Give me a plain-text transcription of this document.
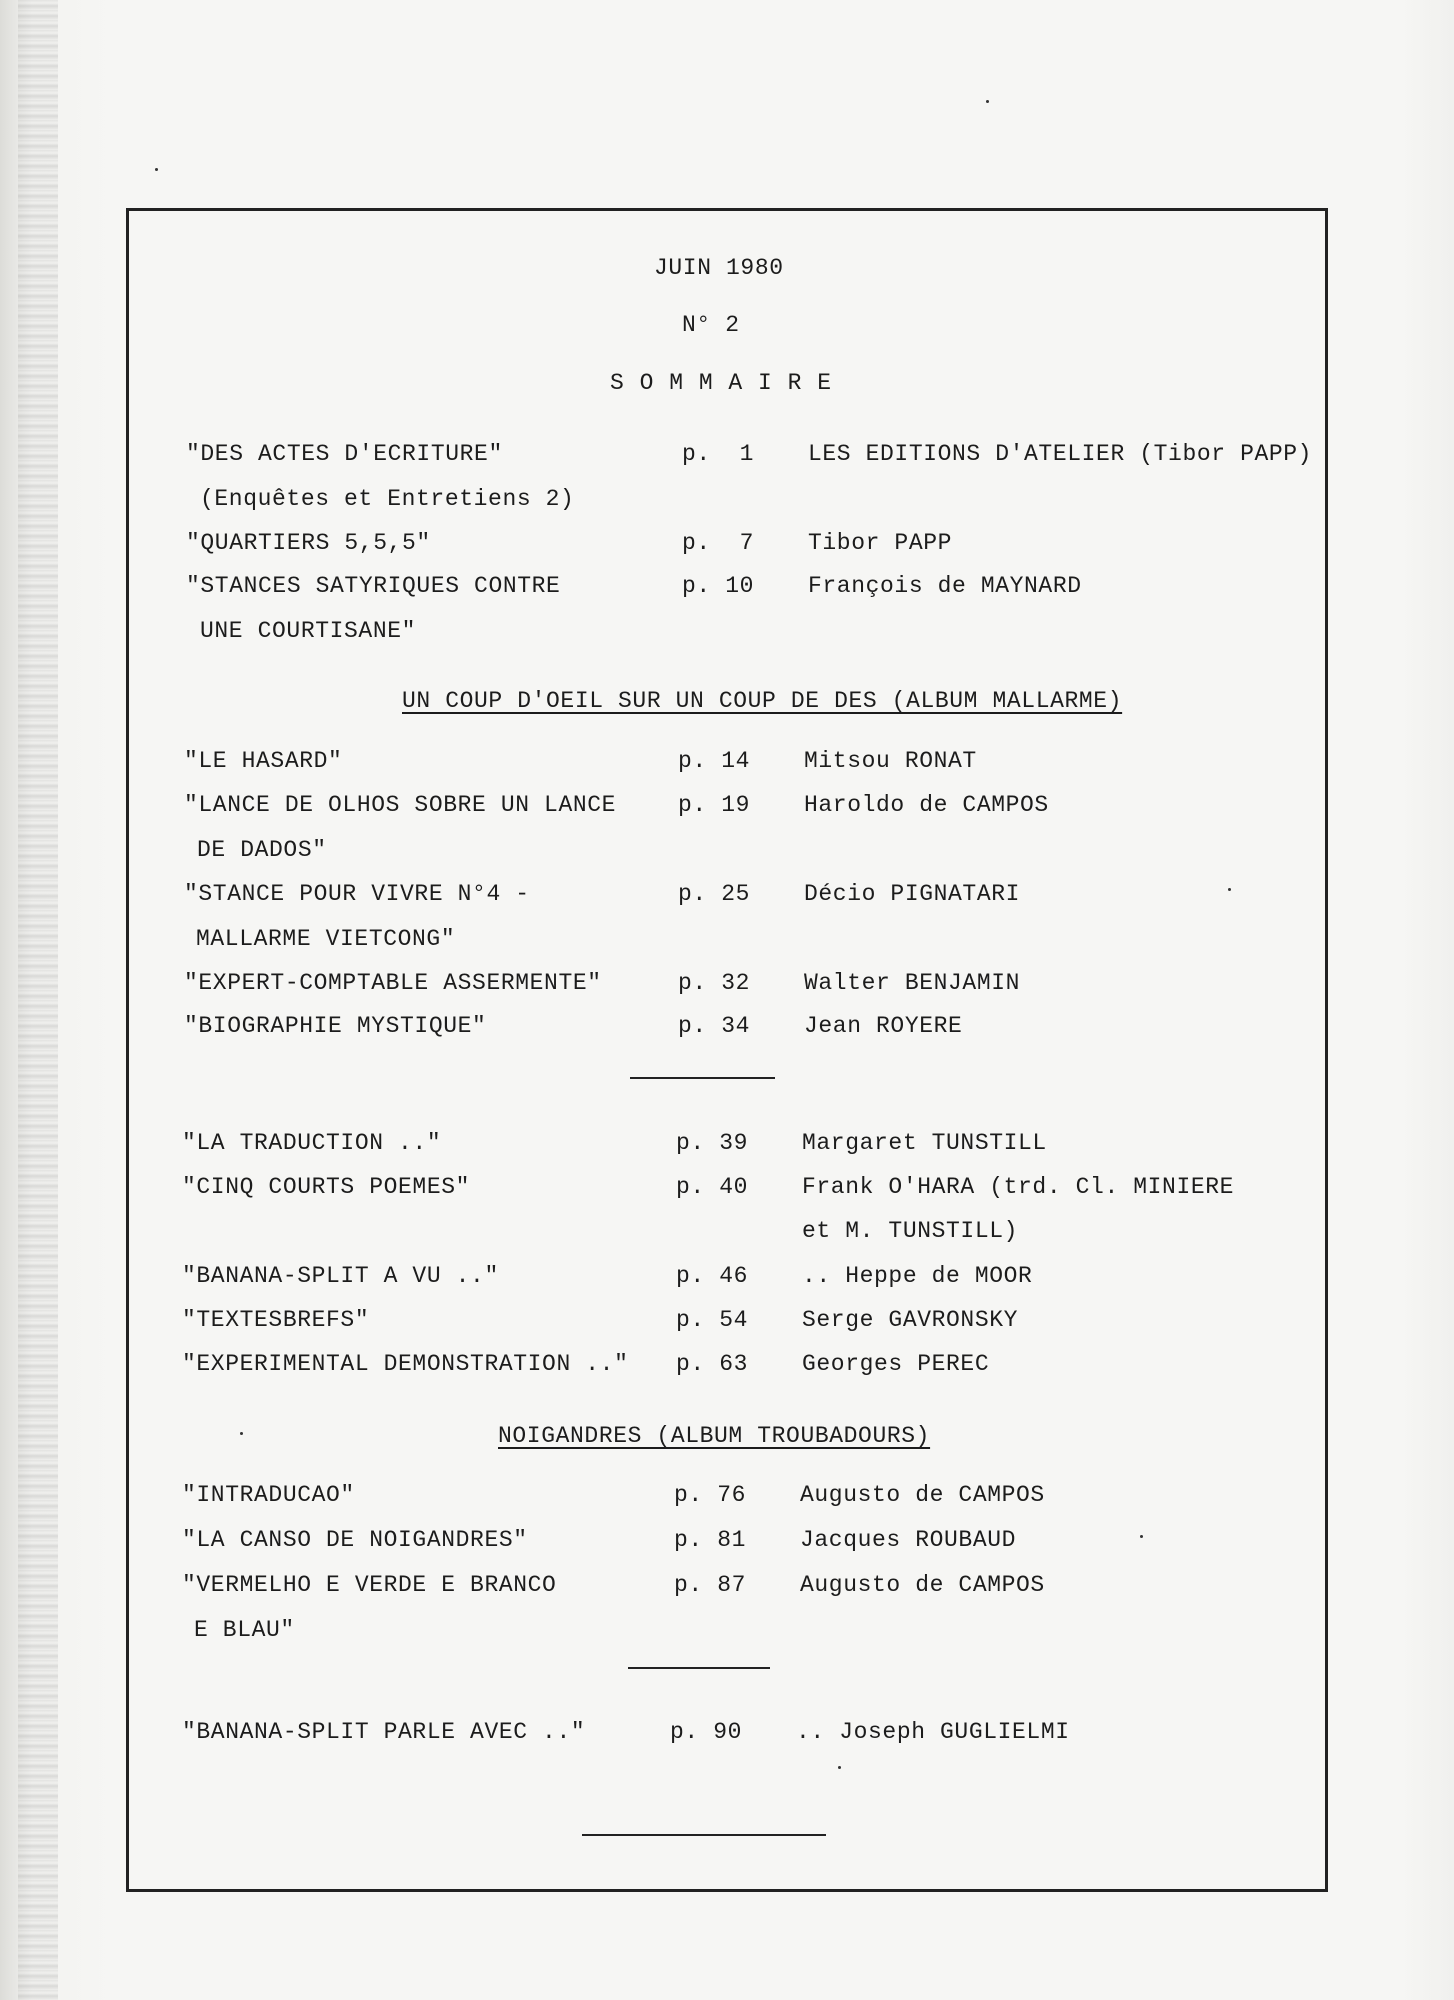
JUIN 1980
N° 2
S O M M A I R E
"DES ACTES D'ECRITURE"
(Enquêtes et Entretiens 2)
p.  1 LES EDITIONS D'ATELIER (Tibor PAPP)
"QUARTIERS 5,5,5"	p.  7 Tibor PAPP
"STANCES SATYRIQUES CONTRE
UNE COURTISANE"
p. 10 François de MAYNARD
UN COUP D'OEIL SUR UN COUP DE DES (ALBUM MALLARME)
"LE HASARD"	p. 14 Mitsou RONAT
"LANCE DE OLHOS SOBRE UN LANCE
DE DADOS"
p. 19 Haroldo de CAMPOS
"STANCE POUR VIVRE N°4 -
MALLARME VIETCONG"
p. 25 Décio PIGNATARI
"EXPERT-COMPTABLE ASSERMENTE"	p. 32 Walter BENJAMIN
"BIOGRAPHIE MYSTIQUE"	p. 34 Jean ROYERE
"LA TRADUCTION .."	p. 39 Margaret TUNSTILL
"CINQ COURTS POEMES"	p. 40 Frank O'HARA (trd. Cl. MINIERE
et M. TUNSTILL)
"BANANA-SPLIT A VU .."	p. 46 .. Heppe de MOOR
"TEXTESBREFS"	p. 54 Serge GAVRONSKY
"EXPERIMENTAL DEMONSTRATION .." p. 63 Georges PEREC
NOIGANDRES (ALBUM TROUBADOURS)
"INTRADUCAO"	p. 76 Augusto de CAMPOS
"LA CANSO DE NOIGANDRES"	p. 81 Jacques ROUBAUD
"VERMELHO E VERDE E BRANCO
E BLAU"
p. 87 Augusto de CAMPOS
"BANANA-SPLIT PARLE AVEC .."	p. 90 .. Joseph GUGLIELMI
